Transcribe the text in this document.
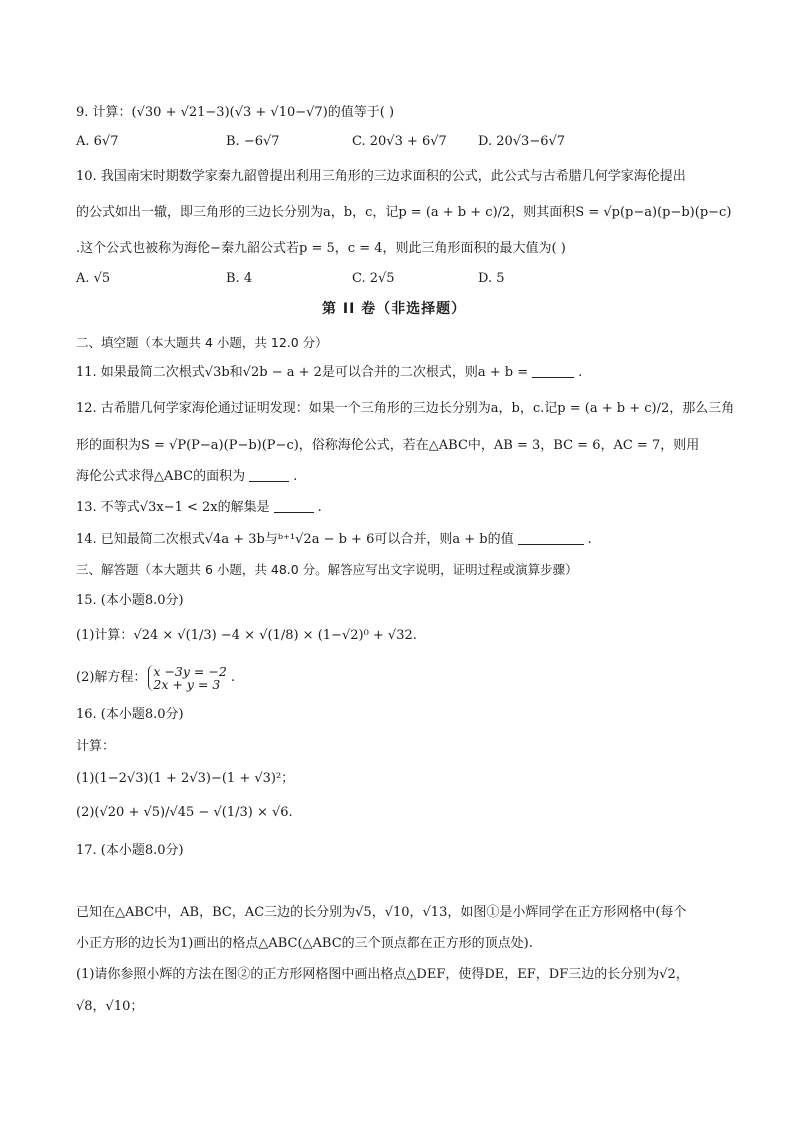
9. 计算：(√30 + √21−3)(√3 + √10−√7)的值等于( )
A. 6√7	B. −6√7	C. 20√3 + 6√7 D. 20√3−6√7
10. 我国南宋时期数学家秦九韶曾提出利用三角形的三边求面积的公式，此公式与古希腊几何学家海伦提出
的公式如出一辙，即三角形的三边长分别为a，b，c，记p = (a + b + c)/2，则其面积S = √p(p−a)(p−b)(p−c)
.这个公式也被称为海伦−秦九韶公式若p = 5，c = 4，则此三角形面积的最大值为( )
A. √5	B. 4	C. 2√5	D. 5
第 II 卷（非选择题）
二、填空题（本大题共 4 小题，共 12.0 分）
11. 如果最简二次根式√3b和√2b − a + 2是可以合并的二次根式，则a + b =	.
12. 古希腊几何学家海伦通过证明发现：如果一个三角形的三边长分别为a，b，c.记p = (a + b + c)/2，那么三角
形的面积为S = √P(P−a)(P−b)(P−c)，俗称海伦公式，若在△ABC中，AB = 3，BC = 6，AC = 7，则用
海伦公式求得△ABC的面积为	.
13. 不等式√3x−1 < 2x的解集是	.
14. 已知最简二次根式√4a + 3b与ᵇ⁺¹√2a − b + 6可以合并，则a + b的值	.
三、解答题（本大题共 6 小题，共 48.0 分。解答应写出文字说明，证明过程或演算步骤）
15. (本小题8.0分)
(1)计算：√24 × √(1/3) −4 × √(1/8) × (1−√2)⁰ + √32.
(2)解方程： x −3y = −2
2x + y = 3 .
16. (本小题8.0分)
计算：
(1)(1−2√3)(1 + 2√3)−(1 + √3)²；
(2)(√20 + √5)/√45 − √(1/3) × √6.
17. (本小题8.0分)
已知在△ABC中，AB，BC，AC三边的长分别为√5，√10，√13，如图①是小辉同学在正方形网格中(每个
小正方形的边长为1)画出的格点△ABC(△ABC的三个顶点都在正方形的顶点处).
(1)请你参照小辉的方法在图②的正方形网格图中画出格点△DEF，使得DE，EF，DF三边的长分别为√2，
√8，√10；
